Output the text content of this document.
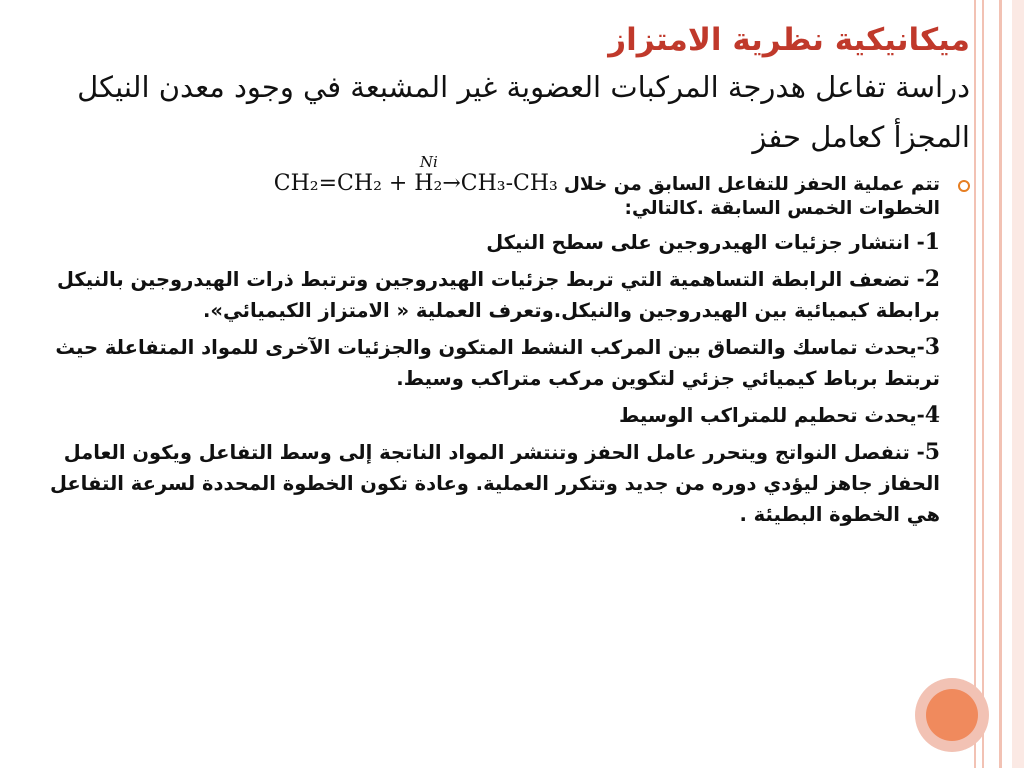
ميكانيكية نظرية الامتزاز
دراسة تفاعل هدرجة المركبات العضوية غير المشبعة في وجود معدن النيكل المجزأ كعامل حفز
تتم عملية الحفز للتفاعل السابق من خلال
Ni
CH₂=CH₂ + H₂→CH₃-CH₃
الخطوات الخمس السابقة .كالتالي:

1- انتشار جزئيات الهيدروجين على سطح النيكل

2- تضعف الرابطة التساهمية التي تربط جزئيات الهيدروجين وترتبط ذرات الهيدروجين بالنيكل برابطة كيميائية بين الهيدروجين والنيكل.وتعرف العملية « الامتزاز الكيميائي».

3-يحدث تماسك والتصاق بين المركب النشط المتكون والجزئيات الآخرى للمواد المتفاعلة حيث تربتط برباط كيميائي جزئي لتكوين مركب متراكب وسيط.

4-يحدث تحطيم للمتراكب الوسيط

5- تنفصل النواتج ويتحرر عامل الحفز وتنتشر المواد الناتجة إلى وسط التفاعل ويكون العامل الحفاز جاهز ليؤدي دوره من جديد وتتكرر العملية. وعادة تكون الخطوة المحددة لسرعة التفاعل هي الخطوة البطيئة .
